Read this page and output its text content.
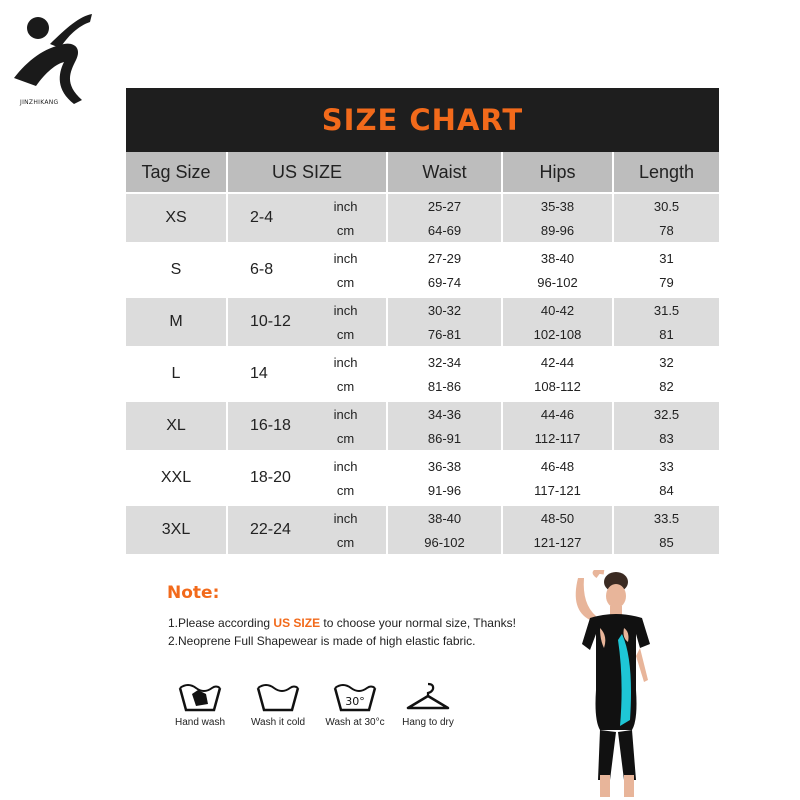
JINZHIKANG
SIZE CHART
Tag Size	US SIZE		Waist	Hips	Length
XS	2-4	inch	25-27	35-38	30.5
		cm	64-69	89-96	78
S	6-8	inch	27-29	38-40	31
		cm	69-74	96-102	79
M	10-12	inch	30-32	40-42	31.5
		cm	76-81	102-108	81
L	14	inch	32-34	42-44	32
		cm	81-86	108-112	82
XL	16-18	inch	34-36	44-46	32.5
		cm	86-91	112-117	83
XXL	18-20	inch	36-38	46-48	33
		cm	91-96	117-121	84
3XL	22-24	inch	38-40	48-50	33.5
		cm	96-102	121-127	85
Note:
1.Please according US SIZE to choose your normal size, Thanks!
2.Neoprene Full Shapewear is made of high elastic fabric.
Hand wash	Wash it cold
30°
Wash at 30°c	Hang to dry
